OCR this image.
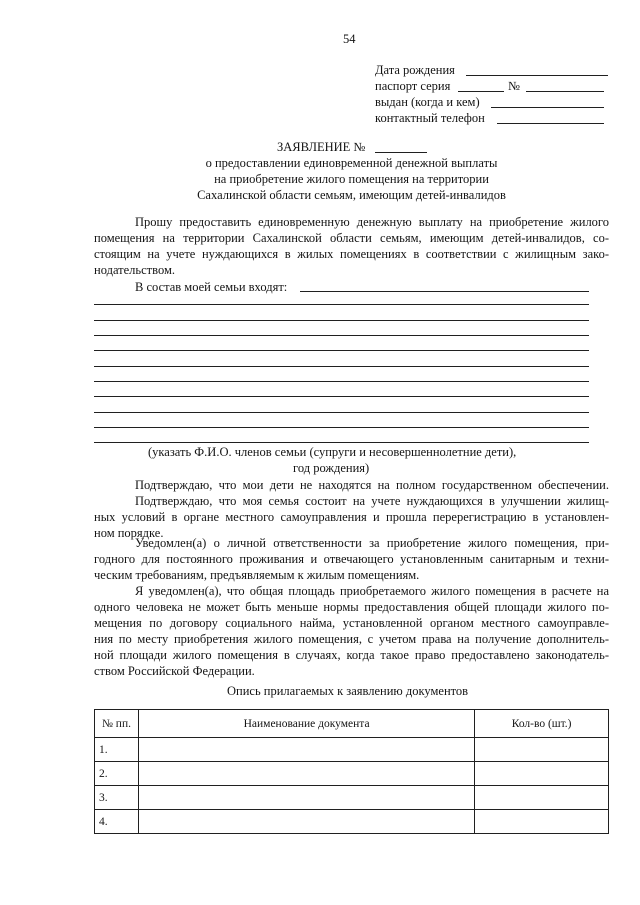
54
Дата рождения
паспорт серия	№
выдан (когда и кем)
контактный телефон
ЗАЯВЛЕНИЕ №
о предоставлении единовременной денежной выплаты
на приобретение жилого помещения на территории
Сахалинской области семьям, имеющим детей-инвалидов
Прошу предоставить единовременную денежную выплату на приобретение жилого
помещения на территории Сахалинской области семьям, имеющим детей-инвалидов, со-
стоящим на учете нуждающихся в жилых помещениях в соответствии с жилищным зако-
нодательством.
В состав моей семьи входят:
(указать Ф.И.О. членов семьи (супруги и несовершеннолетние дети),
год рождения)
Подтверждаю, что мои дети не находятся на полном государственном обеспечении.
Подтверждаю, что моя семья состоит на учете нуждающихся в улучшении жилищ-
ных условий в органе местного самоуправления и прошла перерегистрацию в установлен-
ном порядке.
Уведомлен(а) о личной ответственности за приобретение жилого помещения, при-
годного для постоянного проживания и отвечающего установленным санитарным и техни-
ческим требованиям, предъявляемым к жилым помещениям.
Я уведомлен(а), что общая площадь приобретаемого жилого помещения в расчете на
одного человека не может быть меньше нормы предоставления общей площади жилого по-
мещения по договору социального найма, установленной органом местного самоуправле-
ния по месту приобретения жилого помещения, с учетом права на получение дополнитель-
ной площади жилого помещения в случаях, когда такое право предоставлено законодатель-
ством Российской Федерации.
Опись прилагаемых к заявлению документов
№ пп.	Наименование документа	Кол-во (шт.)
1.		
2.		
3.		
4.		
